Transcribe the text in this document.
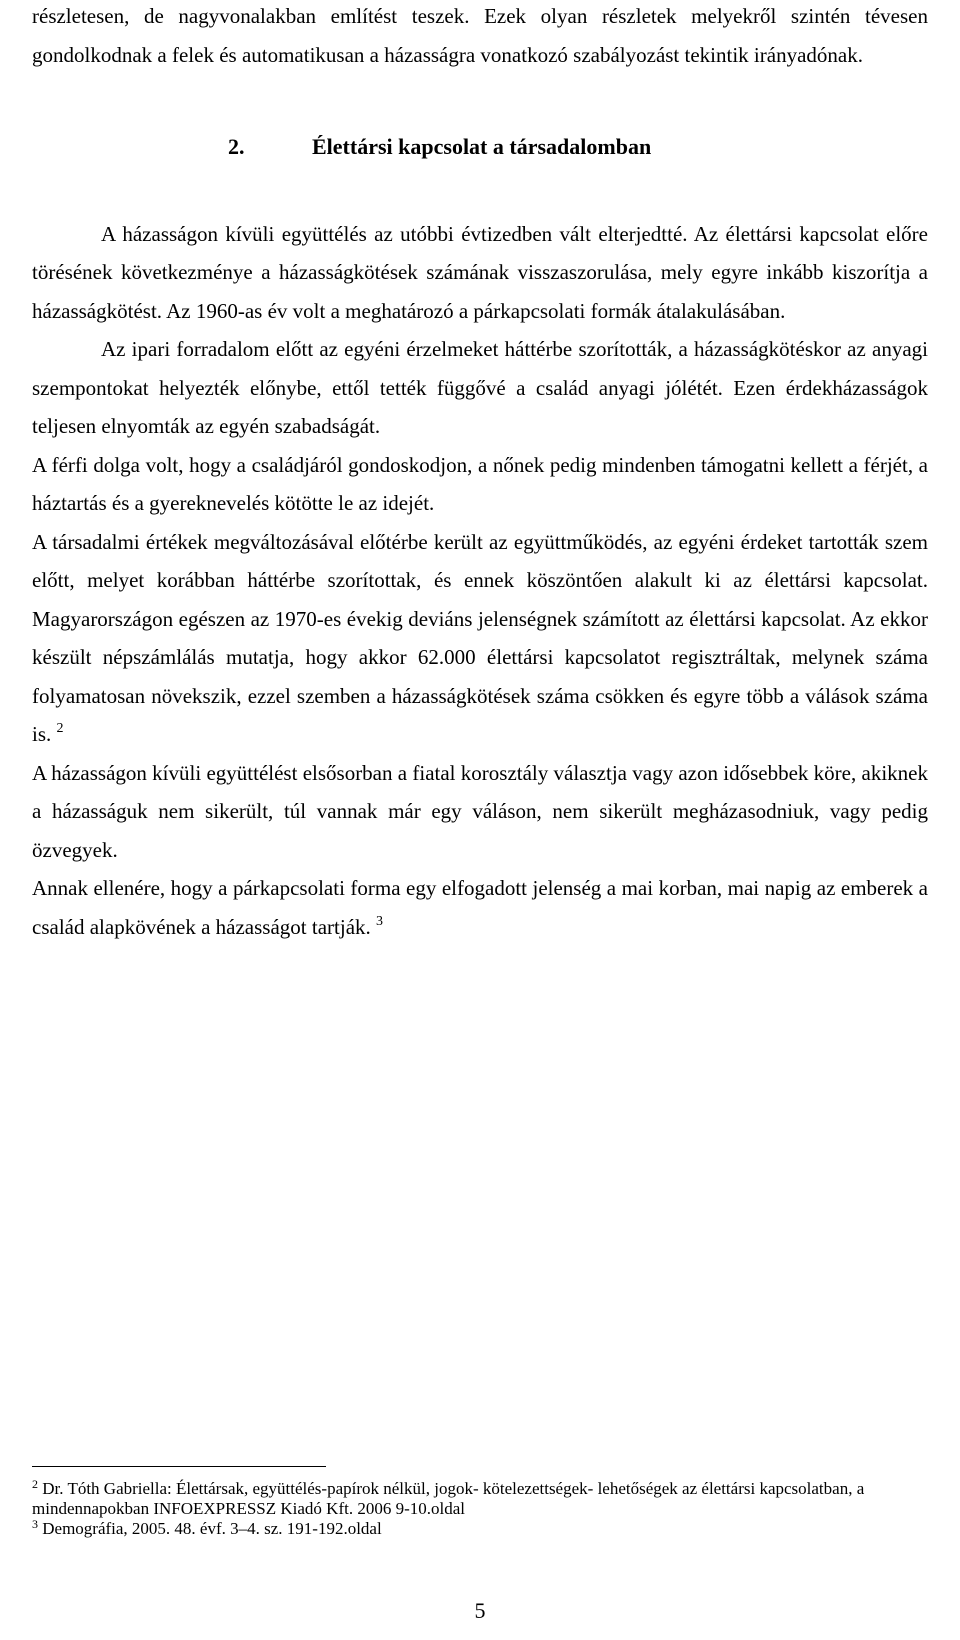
részletesen, de nagyvonalakban említést teszek. Ezek olyan részletek melyekről szintén tévesen gondolkodnak a felek és automatikusan a házasságra vonatkozó szabályozást tekintik irányadónak.

2.	Élettársi kapcsolat a társadalomban

A házasságon kívüli együttélés az utóbbi évtizedben vált elterjedtté. Az élettársi kapcsolat előre törésének következménye a házasságkötések számának visszaszorulása, mely egyre inkább kiszorítja a házasságkötést. Az 1960-as év volt a meghatározó a párkapcsolati formák átalakulásában.

Az ipari forradalom előtt az egyéni érzelmeket háttérbe szorították, a házasságkötéskor az anyagi szempontokat helyezték előnybe, ettől tették függővé a család anyagi jólétét. Ezen érdekházasságok teljesen elnyomták az egyén szabadságát.

A férfi dolga volt, hogy a családjáról gondoskodjon, a nőnek pedig mindenben támogatni kellett a férjét, a háztartás és a gyereknevelés kötötte le az idejét.

A társadalmi értékek megváltozásával előtérbe került az együttműködés, az egyéni érdeket tartották szem előtt, melyet korábban háttérbe szorítottak, és ennek köszöntően alakult ki az élettársi kapcsolat. Magyarországon egészen az 1970-es évekig deviáns jelenségnek számított az élettársi kapcsolat. Az ekkor készült népszámlálás mutatja, hogy akkor 62.000 élettársi kapcsolatot regisztráltak, melynek száma folyamatosan növekszik, ezzel szemben a házasságkötések száma csökken és egyre több a válások száma is. $^2$

A házasságon kívüli együttélést elsősorban a fiatal korosztály választja vagy azon idősebbek köre, akiknek a házasságuk nem sikerült, túl vannak már egy váláson, nem sikerült megházasodniuk, vagy pedig özvegyek.

Annak ellenére, hogy a párkapcsolati forma egy elfogadott jelenség a mai korban, mai napig az emberek a család alapkövének a házasságot tartják. $^3$

$^2$ Dr. Tóth Gabriella: Élettársak, együttélés-papírok nélkül, jogok- kötelezettségek- lehetőségek az élettársi kapcsolatban, a mindennapokban INFOEXPRESSZ Kiadó Kft. 2006 9-10.oldal

$^3$ Demográfia, 2005. 48. évf. 3–4. sz. 191-192.oldal

5
